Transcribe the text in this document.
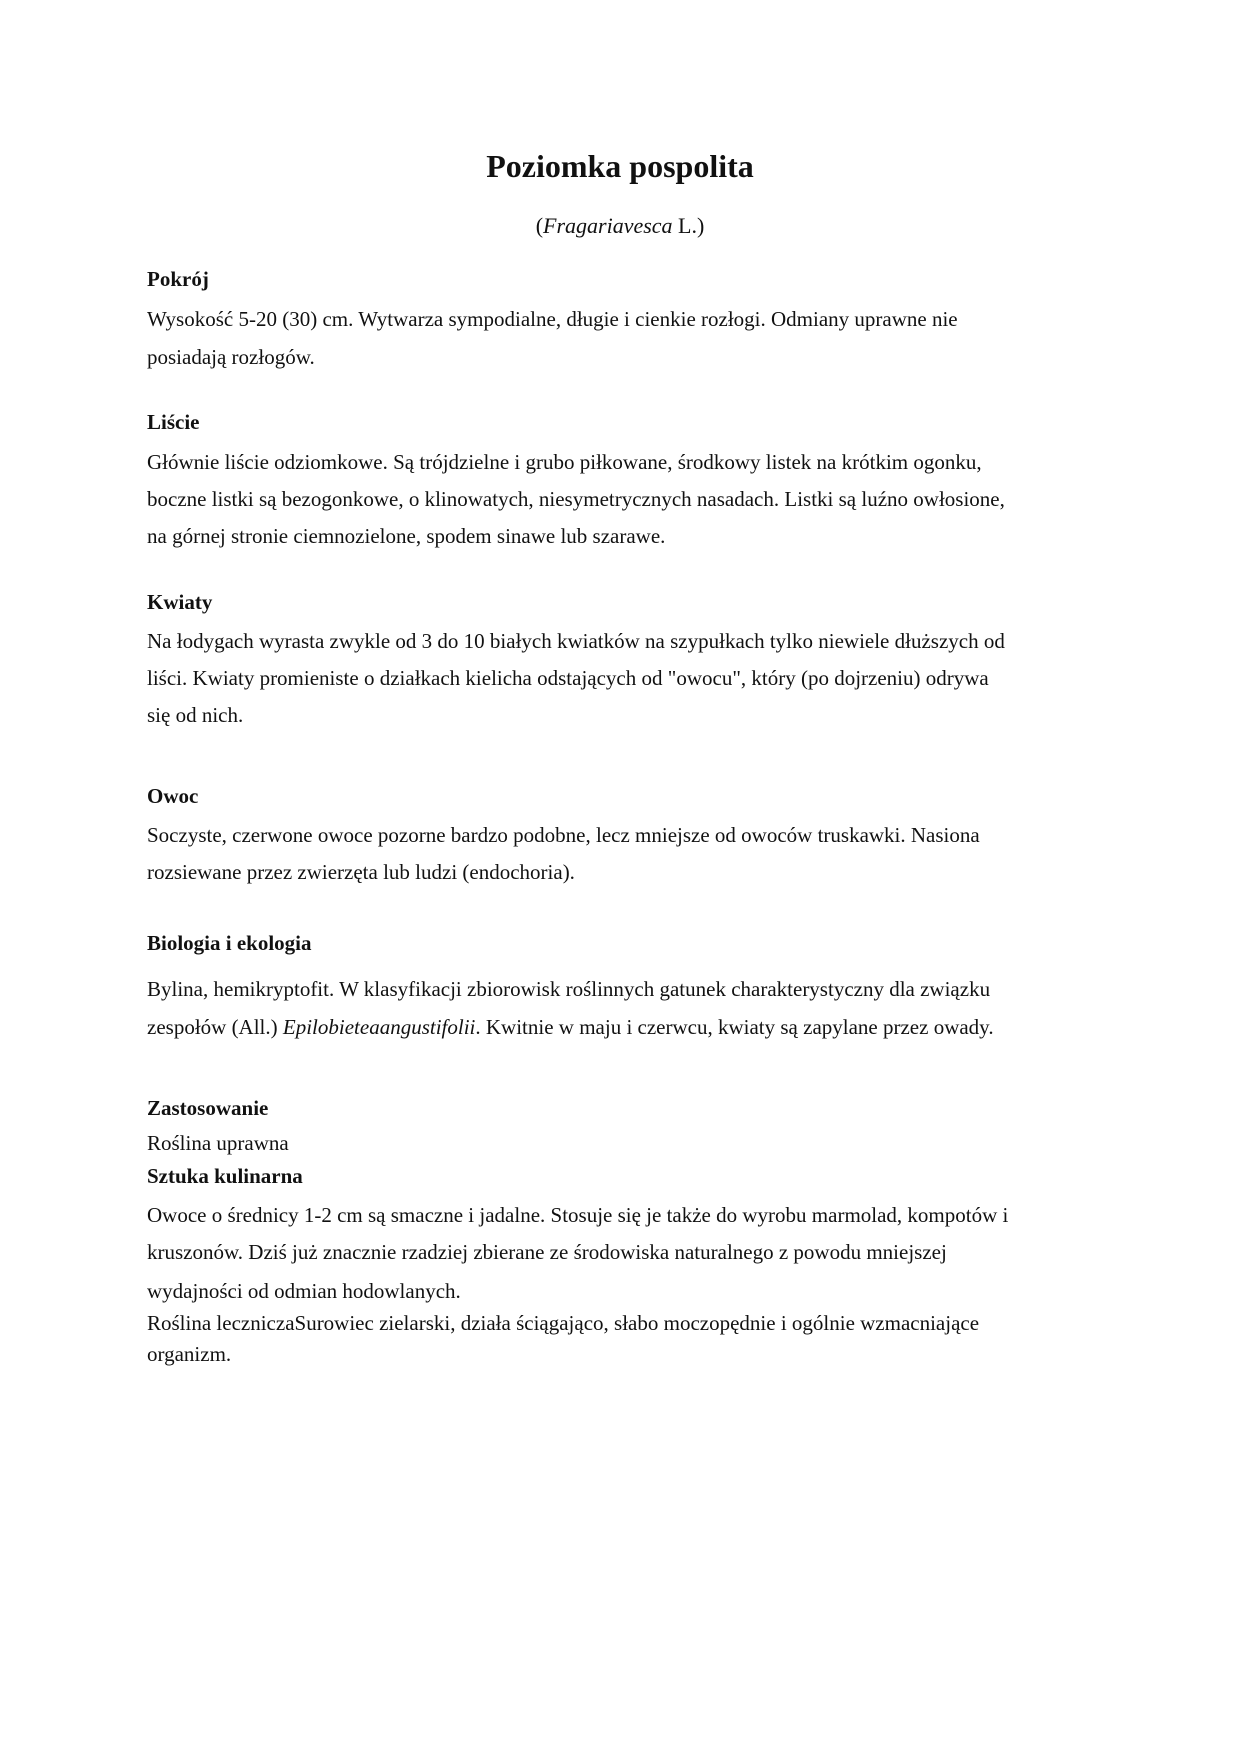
Poziomka pospolita
(Fragariavesca L.)
Pokrój
Wysokość 5-20 (30) cm. Wytwarza sympodialne, długie i cienkie rozłogi. Odmiany uprawne nie
posiadają rozłogów.
Liście
Głównie liście odziomkowe. Są trójdzielne i grubo piłkowane, środkowy listek na krótkim ogonku,
boczne listki są bezogonkowe, o klinowatych, niesymetrycznych nasadach. Listki są luźno owłosione,
na górnej stronie ciemnozielone, spodem sinawe lub szarawe.
Kwiaty
Na łodygach wyrasta zwykle od 3 do 10 białych kwiatków na szypułkach tylko niewiele dłuższych od
liści. Kwiaty promieniste o działkach kielicha odstających od "owocu", który (po dojrzeniu) odrywa
się od nich.
Owoc
Soczyste, czerwone owoce pozorne bardzo podobne, lecz mniejsze od owoców truskawki. Nasiona
rozsiewane przez zwierzęta lub ludzi (endochoria).
Biologia i ekologia
Bylina, hemikryptofit. W klasyfikacji zbiorowisk roślinnych gatunek charakterystyczny dla związku
zespołów (All.) Epilobieteaangustifolii. Kwitnie w maju i czerwcu, kwiaty są zapylane przez owady.
Zastosowanie
Roślina uprawna
Sztuka kulinarna
Owoce o średnicy 1-2 cm są smaczne i jadalne. Stosuje się je także do wyrobu marmolad, kompotów i
kruszonów. Dziś już znacznie rzadziej zbierane ze środowiska naturalnego z powodu mniejszej
wydajności od odmian hodowlanych.
Roślina leczniczaSurowiec zielarski, działa ściągająco, słabo moczopędnie i ogólnie wzmacniające
organizm.
